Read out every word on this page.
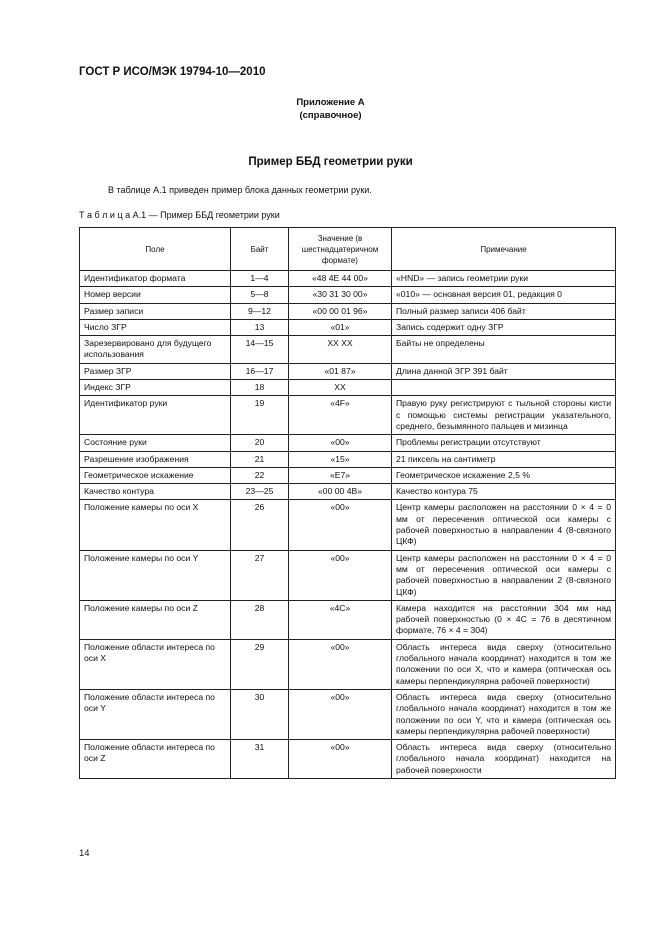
ГОСТ Р ИСО/МЭК 19794-10—2010
Приложение А
(справочное)
Пример ББД геометрии руки
В таблице А.1 приведен пример блока данных геометрии руки.
Т а б л и ц а А.1 — Пример ББД геометрии руки
Поле	Байт	Значение (в шестнадцатеричном формате)	Примечание
Идентификатор формата	1—4	«48 4E 44 00»	«HND» — запись геометрии руки
Номер версии	5—8	«30 31 30 00»	«010» — основная версия 01, редакция 0
Размер записи	9—12	«00 00 01 96»	Полный размер записи 406 байт
Число ЗГР	13	«01»	Запись содержит одну ЗГР
Зарезервировано для будущего использования	14—15	XX XX	Байты не определены
Размер ЗГР	16—17	«01 87»	Длина данной ЗГР 391 байт
Индекс ЗГР	18	XX	
Идентификатор руки	19	«4F»	Правую руку регистрируют с тыльной стороны кисти с помощью системы регистрации указательного, среднего, безымянного пальцев и мизинца
Состояние руки	20	«00»	Проблемы регистрации отсутствуют
Разрешение изображения	21	«15»	21 пиксель на сантиметр
Геометрическое искажение	22	«E7»	Геометрическое искажение 2,5 %
Качество контура	23—25	«00 00 4B»	Качество контура 75
Положение камеры по оси X	26	«00»	Центр камеры расположен на расстоянии 0 × 4 = 0 мм от пересечения оптической оси камеры с рабочей поверхностью в направлении 4 (8-связного ЦКФ)
Положение камеры по оси Y	27	«00»	Центр камеры расположен на расстоянии 0 × 4 = 0 мм от пересечения оптической оси камеры с рабочей поверхностью в направлении 2 (8-связного ЦКФ)
Положение камеры по оси Z	28	«4C»	Камера находится на расстоянии 304 мм над рабочей поверхностью (0 × 4C = 76 в десятичном формате, 76 × 4 = 304)
Положение области интереса по оси X	29	«00»	Область интереса вида сверху (относительно глобального начала координат) находится в том же положении по оси X, что и камера (оптическая ось камеры перпендикулярна рабочей поверхности)
Положение области интереса по оси Y	30	«00»	Область интереса вида сверху (относительно глобального начала координат) находится в том же положении по оси Y, что и камера (оптическая ось камеры перпендикулярна рабочей поверхности)
Положение области интереса по оси Z	31	«00»	Область интереса вида сверху (относительно глобального начала координат) находится на рабочей поверхности
14
